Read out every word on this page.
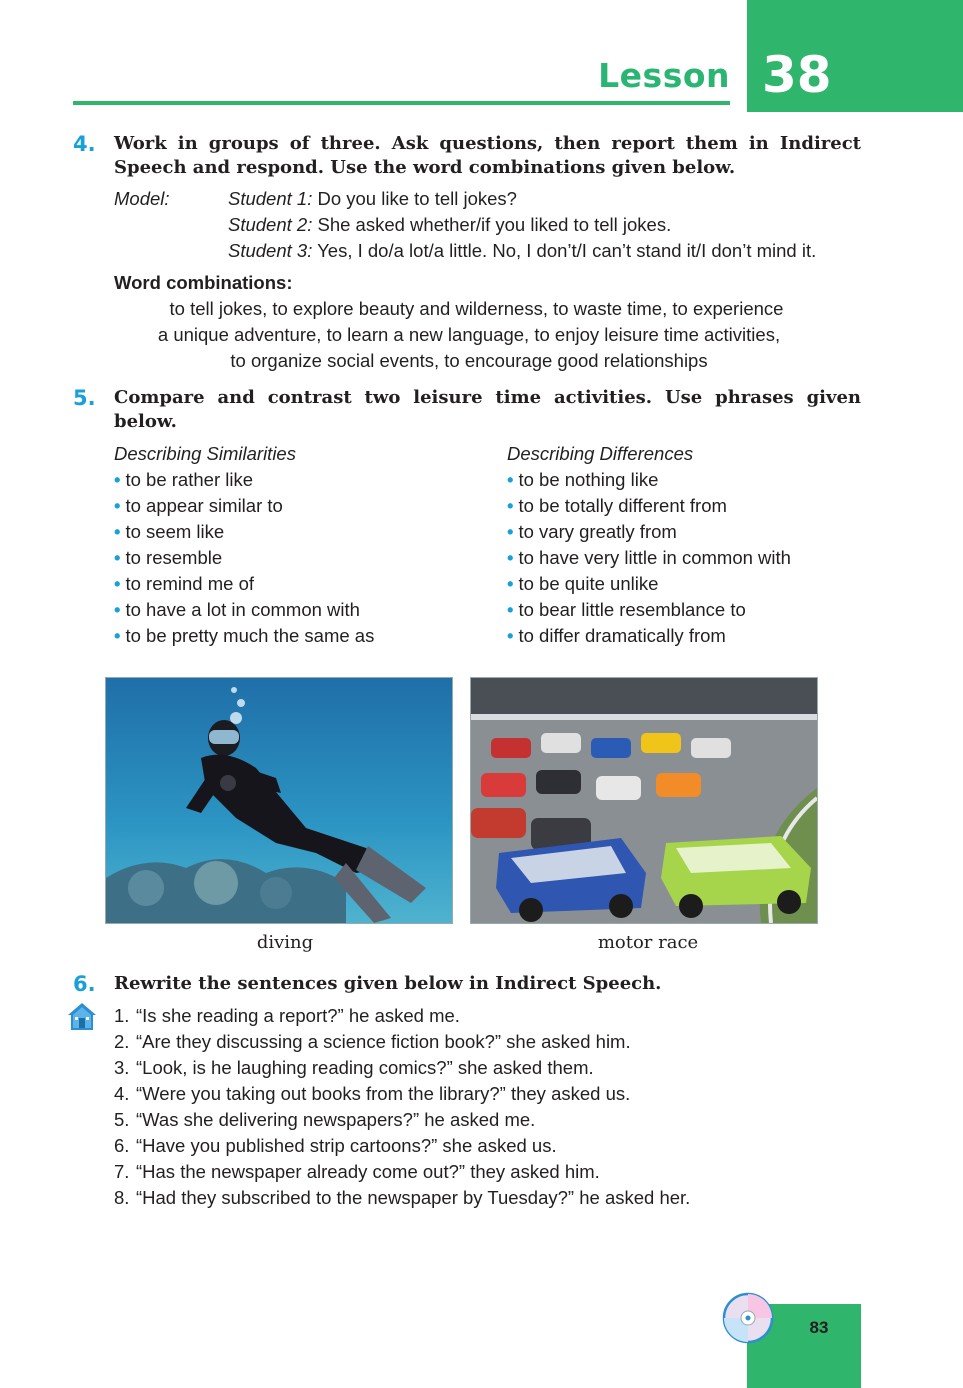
Lesson 38
4. Work in groups of three. Ask questions, then report them in Indirect Speech and respond. Use the word combinations given below.
Model:	Student 1: Do you like to tell jokes?
Student 2: She asked whether/if you liked to tell jokes.
Student 3: Yes, I do/a lot/a little. No, I don’t/I can’t stand it/I don’t mind it.
Word combinations:
to tell jokes, to explore beauty and wilderness, to waste time, to experience
a unique adventure, to learn a new language, to enjoy leisure time activities,
to organize social events, to encourage good relationships
5. Compare and contrast two leisure time activities. Use phrases given below.
Describing Similarities
• to be rather like
• to appear similar to
• to seem like
• to resemble
• to remind me of
• to have a lot in common with
• to be pretty much the same as
Describing Differences
• to be nothing like
• to be totally different from
• to vary greatly from
• to have very little in common with
• to be quite unlike
• to bear little resemblance to
• to differ dramatically from
diving	motor race
6. Rewrite the sentences given below in Indirect Speech.
1. “Is she reading a report?” he asked me.
2. “Are they discussing a science fiction book?” she asked him.
3. “Look, is he laughing reading comics?” she asked them.
4. “Were you taking out books from the library?” they asked us.
5. “Was she delivering newspapers?” he asked me.
6. “Have you published strip cartoons?” she asked us.
7. “Has the newspaper already come out?” they asked him.
8. “Had they subscribed to the newspaper by Tuesday?” he asked her.
83
